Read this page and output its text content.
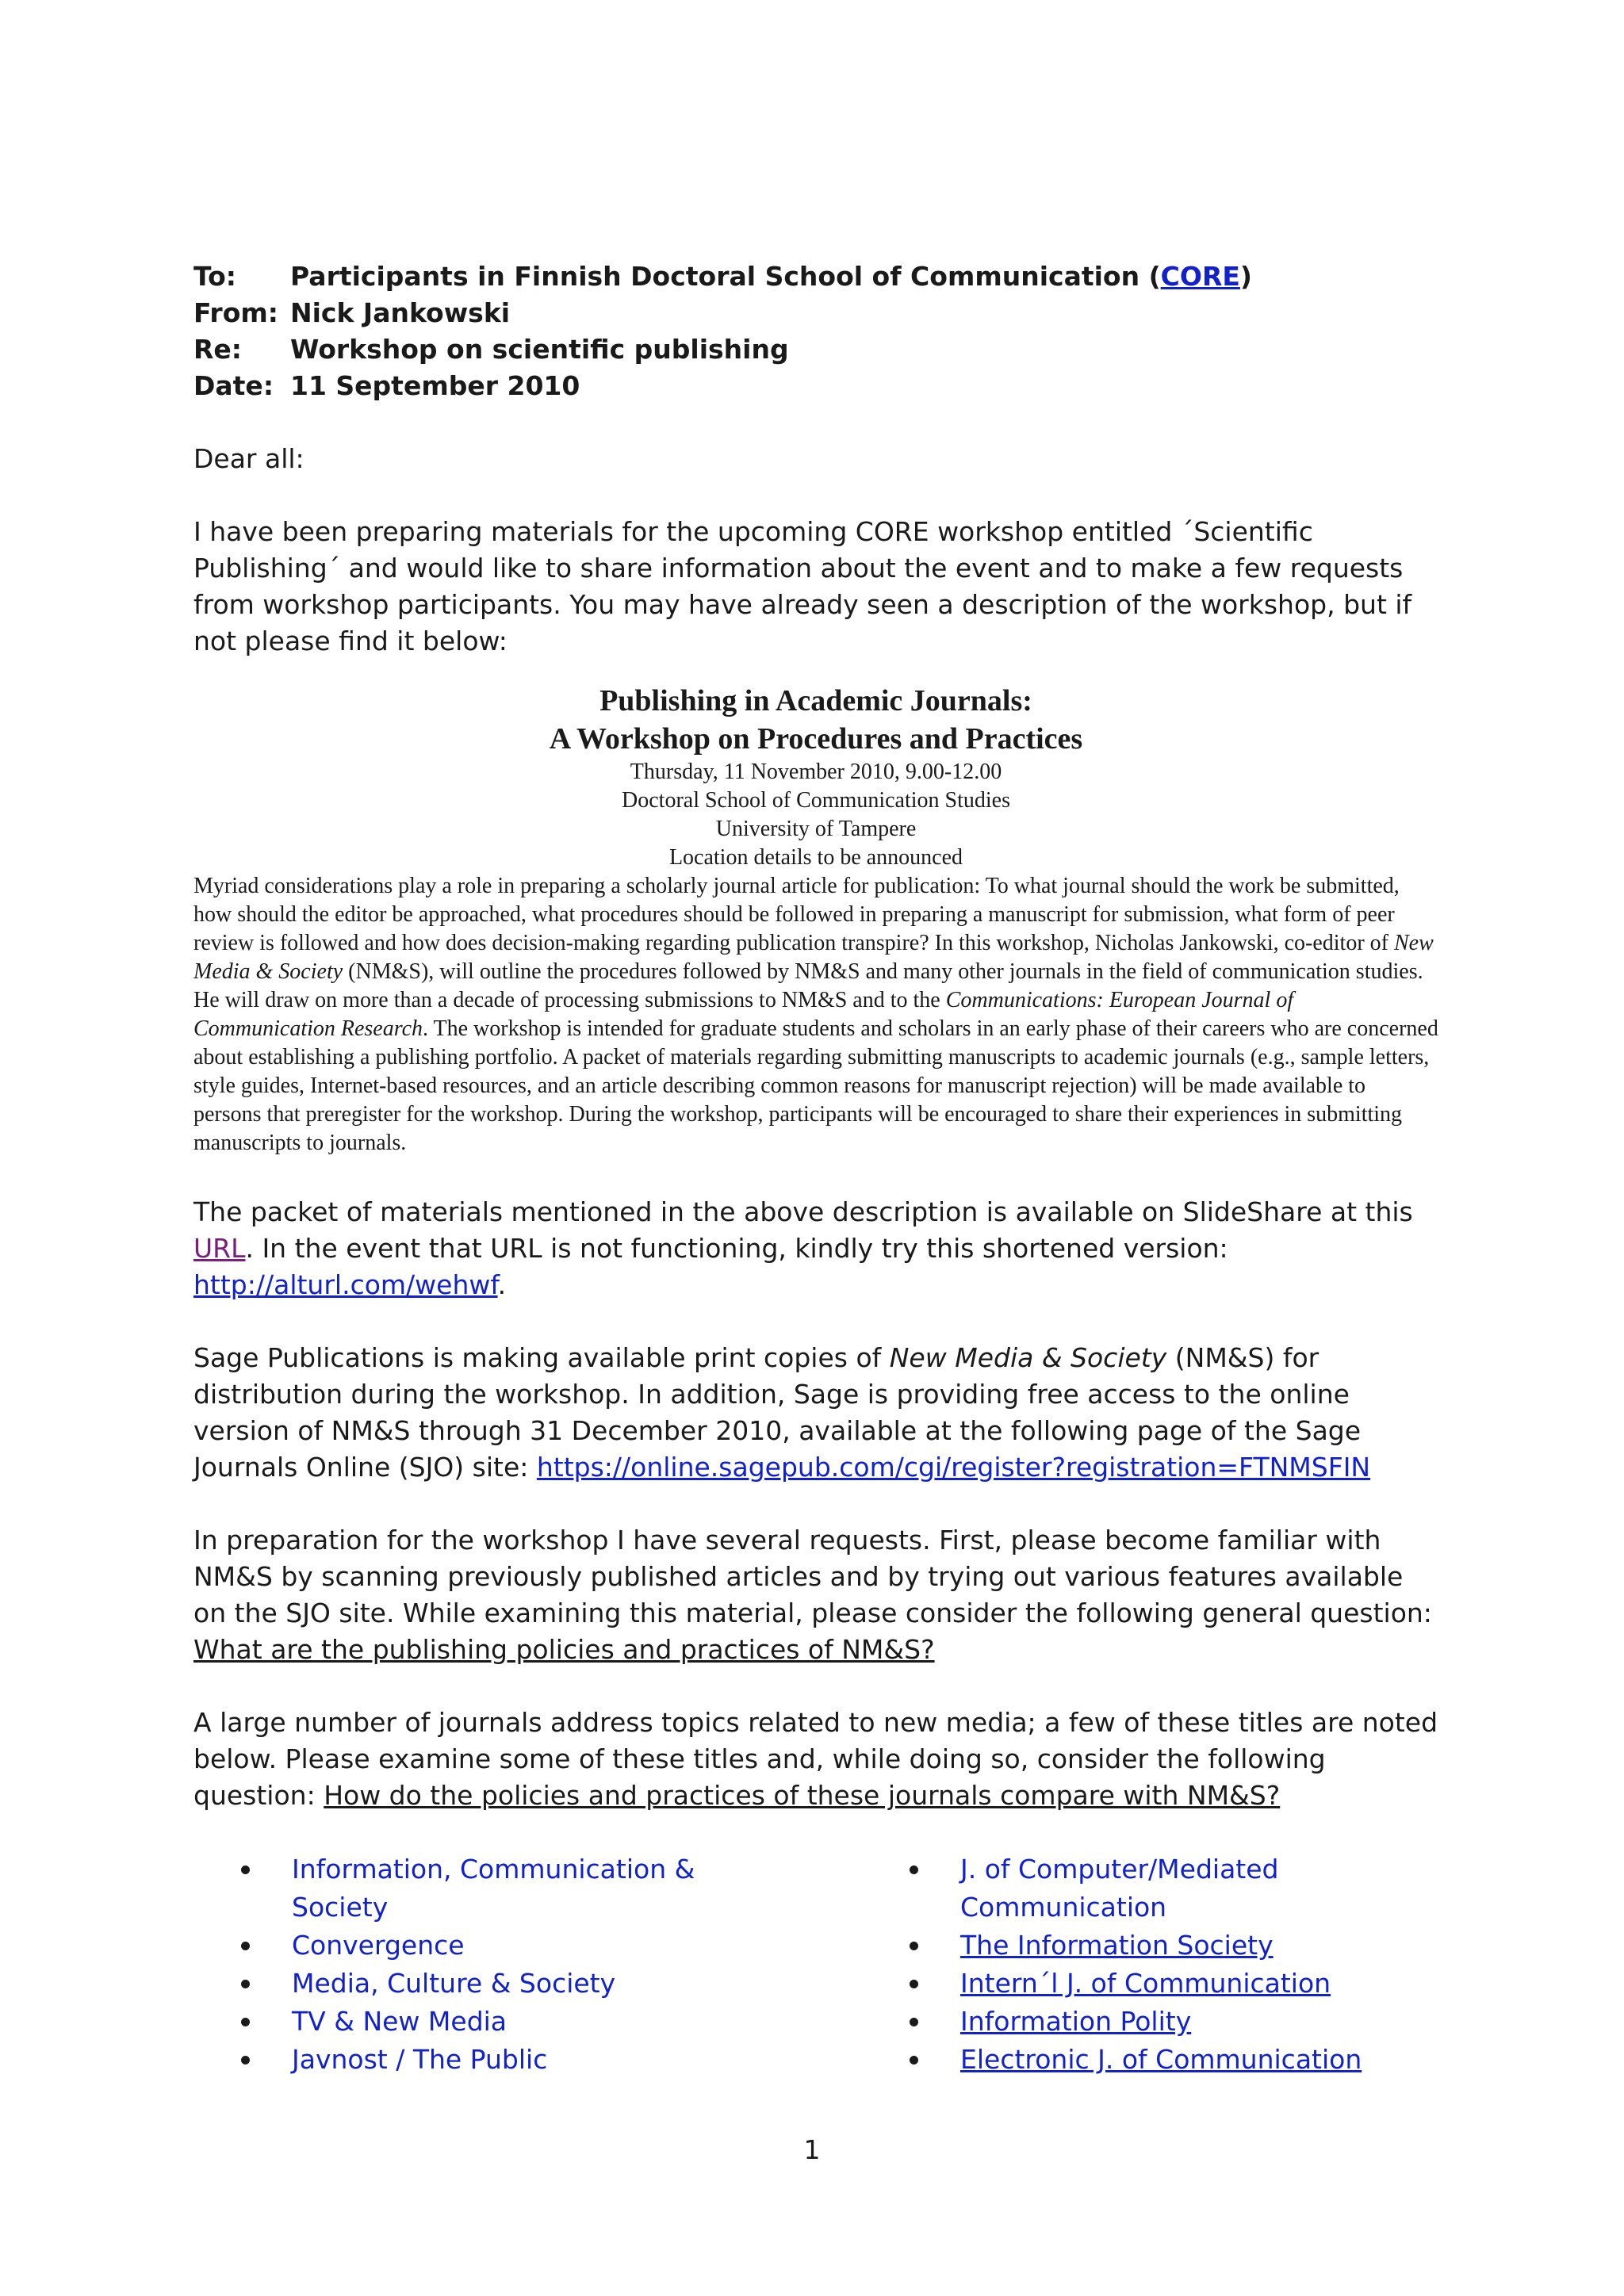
To:	Participants in Finnish Doctoral School of Communication (CORE)
From: Nick Jankowski
Re:	Workshop on scientific publishing
Date: 11 September 2010

Dear all:

I have been preparing materials for the upcoming CORE workshop entitled ´Scientific Publishing´ and would like to share information about the event and to make a few requests from workshop participants. You may have already seen a description of the workshop, but if not please find it below:

Publishing in Academic Journals:

A Workshop on Procedures and Practices

Thursday, 11 November 2010, 9.00-12.00

Doctoral School of Communication Studies

University of Tampere

Location details to be announced

Myriad considerations play a role in preparing a scholarly journal article for publication: To what journal should the work be submitted, how should the editor be approached, what procedures should be followed in preparing a manuscript for submission, what form of peer review is followed and how does decision-making regarding publication transpire? In this workshop, Nicholas Jankowski, co-editor of New Media & Society (NM&S), will outline the procedures followed by NM&S and many other journals in the field of communication studies. He will draw on more than a decade of processing submissions to NM&S and to the Communications: European Journal of Communication Research. The workshop is intended for graduate students and scholars in an early phase of their careers who are concerned about establishing a publishing portfolio. A packet of materials regarding submitting manuscripts to academic journals (e.g., sample letters, style guides, Internet-based resources, and an article describing common reasons for manuscript rejection) will be made available to persons that preregister for the workshop. During the workshop, participants will be encouraged to share their experiences in submitting manuscripts to journals.

The packet of materials mentioned in the above description is available on SlideShare at this URL. In the event that URL is not functioning, kindly try this shortened version: http://alturl.com/wehwf.

Sage Publications is making available print copies of New Media & Society (NM&S) for distribution during the workshop. In addition, Sage is providing free access to the online version of NM&S through 31 December 2010, available at the following page of the Sage Journals Online (SJO) site: https://online.sagepub.com/cgi/register?registration=FTNMSFIN

In preparation for the workshop I have several requests. First, please become familiar with NM&S by scanning previously published articles and by trying out various features available on the SJO site. While examining this material, please consider the following general question: What are the publishing policies and practices of NM&S?

A large number of journals address topics related to new media; a few of these titles are noted below. Please examine some of these titles and, while doing so, consider the following question: How do the policies and practices of these journals compare with NM&S?

Information, Communication & Society
Convergence
Media, Culture & Society
TV & New Media
Javnost / The Public
J. of Computer/Mediated Communication
The Information Society
Intern´l J. of Communication
Information Polity
Electronic J. of Communication
1
